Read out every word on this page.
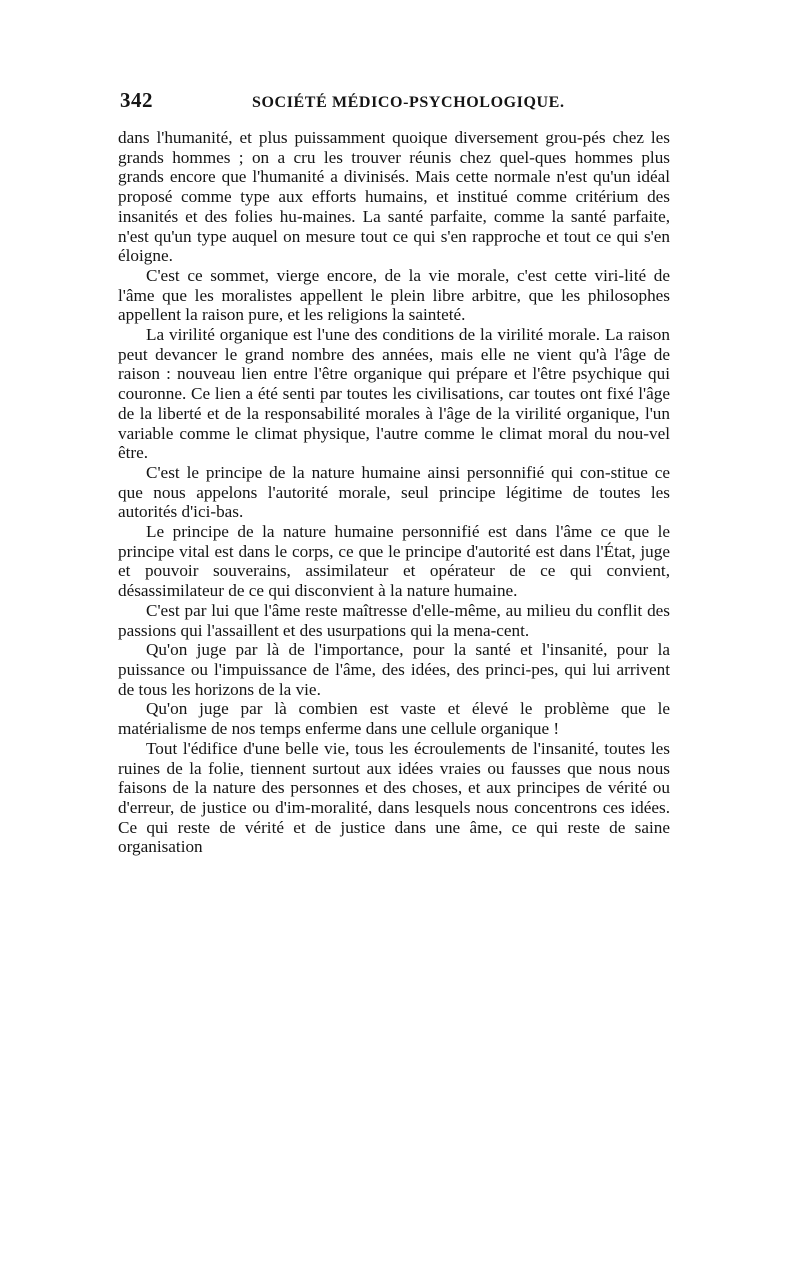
342	SOCIÉTÉ MÉDICO-PSYCHOLOGIQUE.

dans l'humanité, et plus puissamment quoique diversement grou-pés chez les grands hommes ; on a cru les trouver réunis chez quel-ques hommes plus grands encore que l'humanité a divinisés. Mais cette normale n'est qu'un idéal proposé comme type aux efforts humains, et institué comme critérium des insanités et des folies hu-maines. La santé parfaite, comme la santé parfaite, n'est qu'un type auquel on mesure tout ce qui s'en rapproche et tout ce qui s'en éloigne.

C'est ce sommet, vierge encore, de la vie morale, c'est cette viri-lité de l'âme que les moralistes appellent le plein libre arbitre, que les philosophes appellent la raison pure, et les religions la sainteté.

La virilité organique est l'une des conditions de la virilité morale. La raison peut devancer le grand nombre des années, mais elle ne vient qu'à l'âge de raison : nouveau lien entre l'être organique qui prépare et l'être psychique qui couronne. Ce lien a été senti par toutes les civilisations, car toutes ont fixé l'âge de la liberté et de la responsabilité morales à l'âge de la virilité organique, l'un variable comme le climat physique, l'autre comme le climat moral du nou-vel être.

C'est le principe de la nature humaine ainsi personnifié qui con-stitue ce que nous appelons l'autorité morale, seul principe légitime de toutes les autorités d'ici-bas.

Le principe de la nature humaine personnifié est dans l'âme ce que le principe vital est dans le corps, ce que le principe d'autorité est dans l'État, juge et pouvoir souverains, assimilateur et opérateur de ce qui convient, désassimilateur de ce qui disconvient à la nature humaine.

C'est par lui que l'âme reste maîtresse d'elle-même, au milieu du conflit des passions qui l'assaillent et des usurpations qui la mena-cent.

Qu'on juge par là de l'importance, pour la santé et l'insanité, pour la puissance ou l'impuissance de l'âme, des idées, des princi-pes, qui lui arrivent de tous les horizons de la vie.

Qu'on juge par là combien est vaste et élevé le problème que le matérialisme de nos temps enferme dans une cellule organique !

Tout l'édifice d'une belle vie, tous les écroulements de l'insanité, toutes les ruines de la folie, tiennent surtout aux idées vraies ou fausses que nous nous faisons de la nature des personnes et des choses, et aux principes de vérité ou d'erreur, de justice ou d'im-moralité, dans lesquels nous concentrons ces idées. Ce qui reste de vérité et de justice dans une âme, ce qui reste de saine organisation
